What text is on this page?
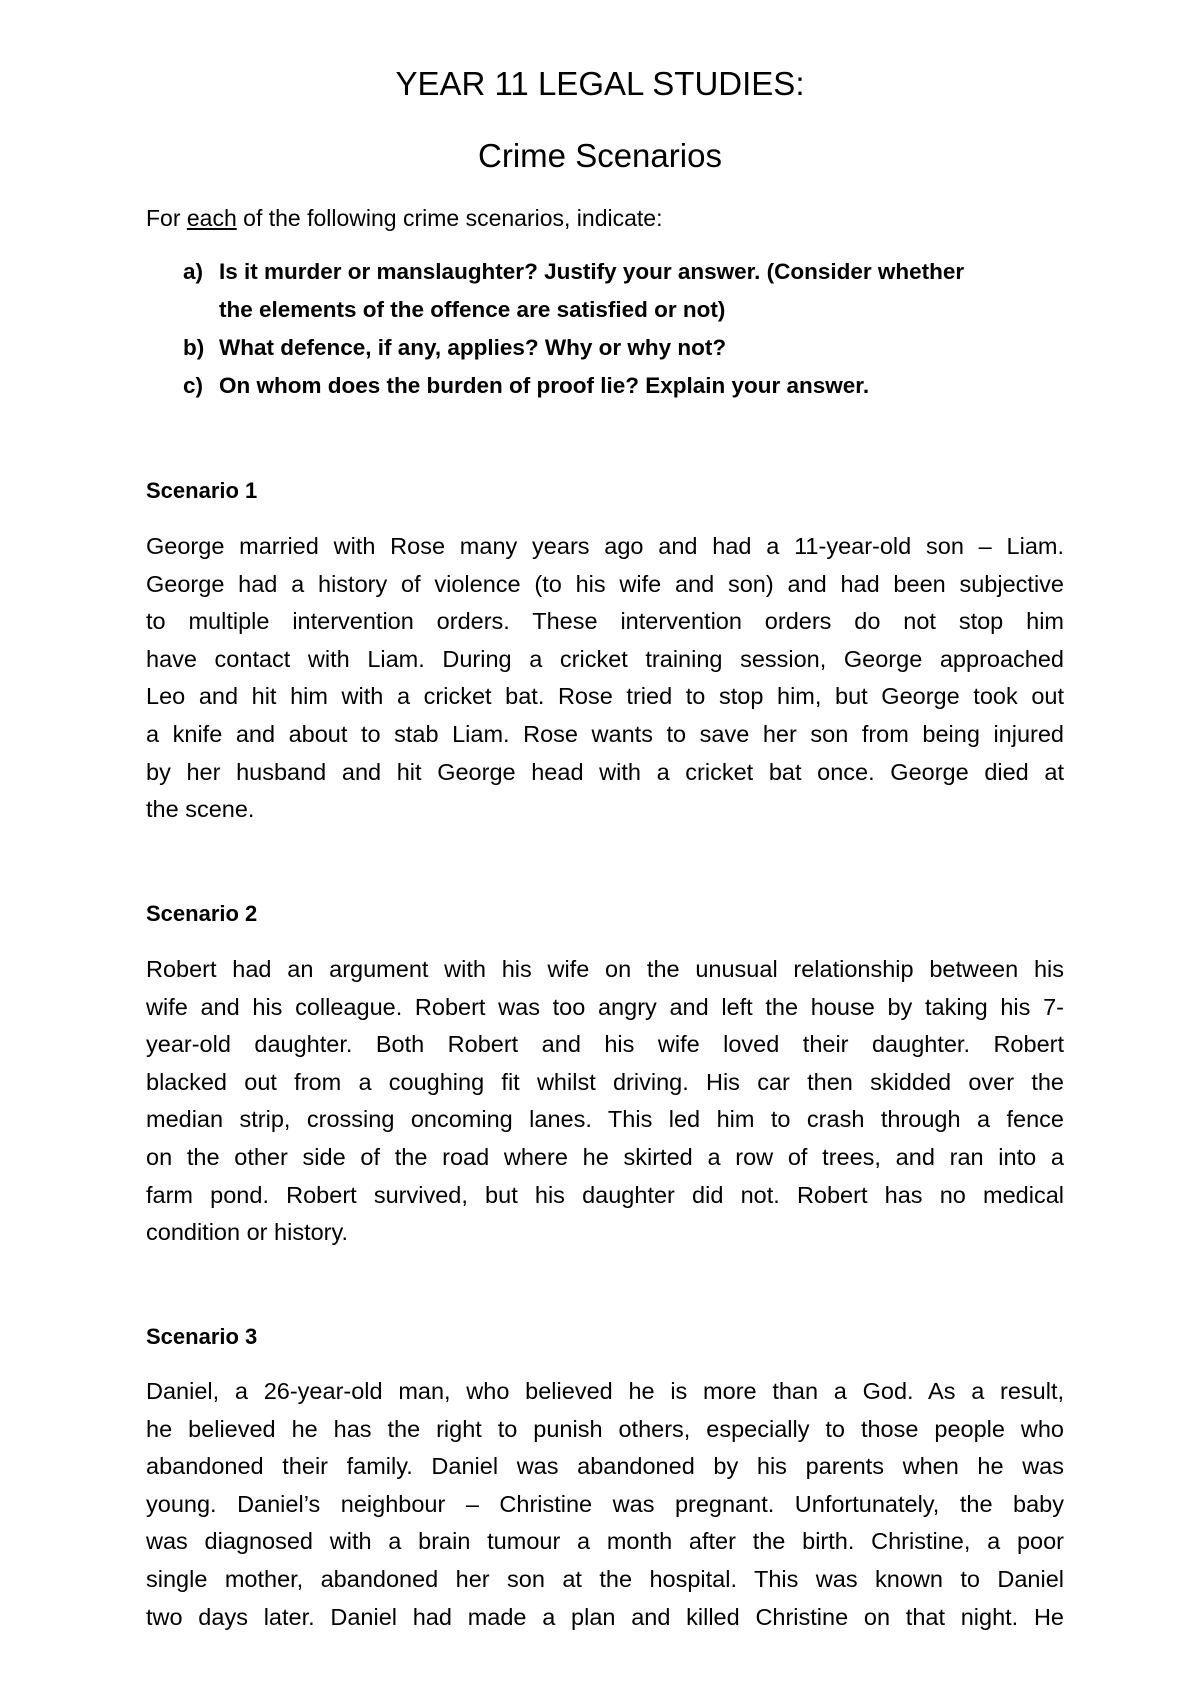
YEAR 11 LEGAL STUDIES:
Crime Scenarios
For each of the following crime scenarios, indicate:
a) Is it murder or manslaughter? Justify your answer. (Consider whether
the elements of the offence are satisfied or not)
b) What defence, if any, applies? Why or why not?
c) On whom does the burden of proof lie? Explain your answer.
Scenario 1
George married with Rose many years ago and had a 11-year-old son – Liam.
George had a history of violence (to his wife and son) and had been subjective
to multiple intervention orders. These intervention orders do not stop him
have contact with Liam. During a cricket training session, George approached
Leo and hit him with a cricket bat. Rose tried to stop him, but George took out
a knife and about to stab Liam. Rose wants to save her son from being injured
by her husband and hit George head with a cricket bat once. George died at
the scene.
Scenario 2
Robert had an argument with his wife on the unusual relationship between his
wife and his colleague. Robert was too angry and left the house by taking his 7-
year-old daughter. Both Robert and his wife loved their daughter. Robert
blacked out from a coughing fit whilst driving. His car then skidded over the
median strip, crossing oncoming lanes. This led him to crash through a fence
on the other side of the road where he skirted a row of trees, and ran into a
farm pond. Robert survived, but his daughter did not. Robert has no medical
condition or history.
Scenario 3
Daniel, a 26-year-old man, who believed he is more than a God. As a result,
he believed he has the right to punish others, especially to those people who
abandoned their family. Daniel was abandoned by his parents when he was
young. Daniel’s neighbour – Christine was pregnant. Unfortunately, the baby
was diagnosed with a brain tumour a month after the birth. Christine, a poor
single mother, abandoned her son at the hospital. This was known to Daniel
two days later. Daniel had made a plan and killed Christine on that night. He
